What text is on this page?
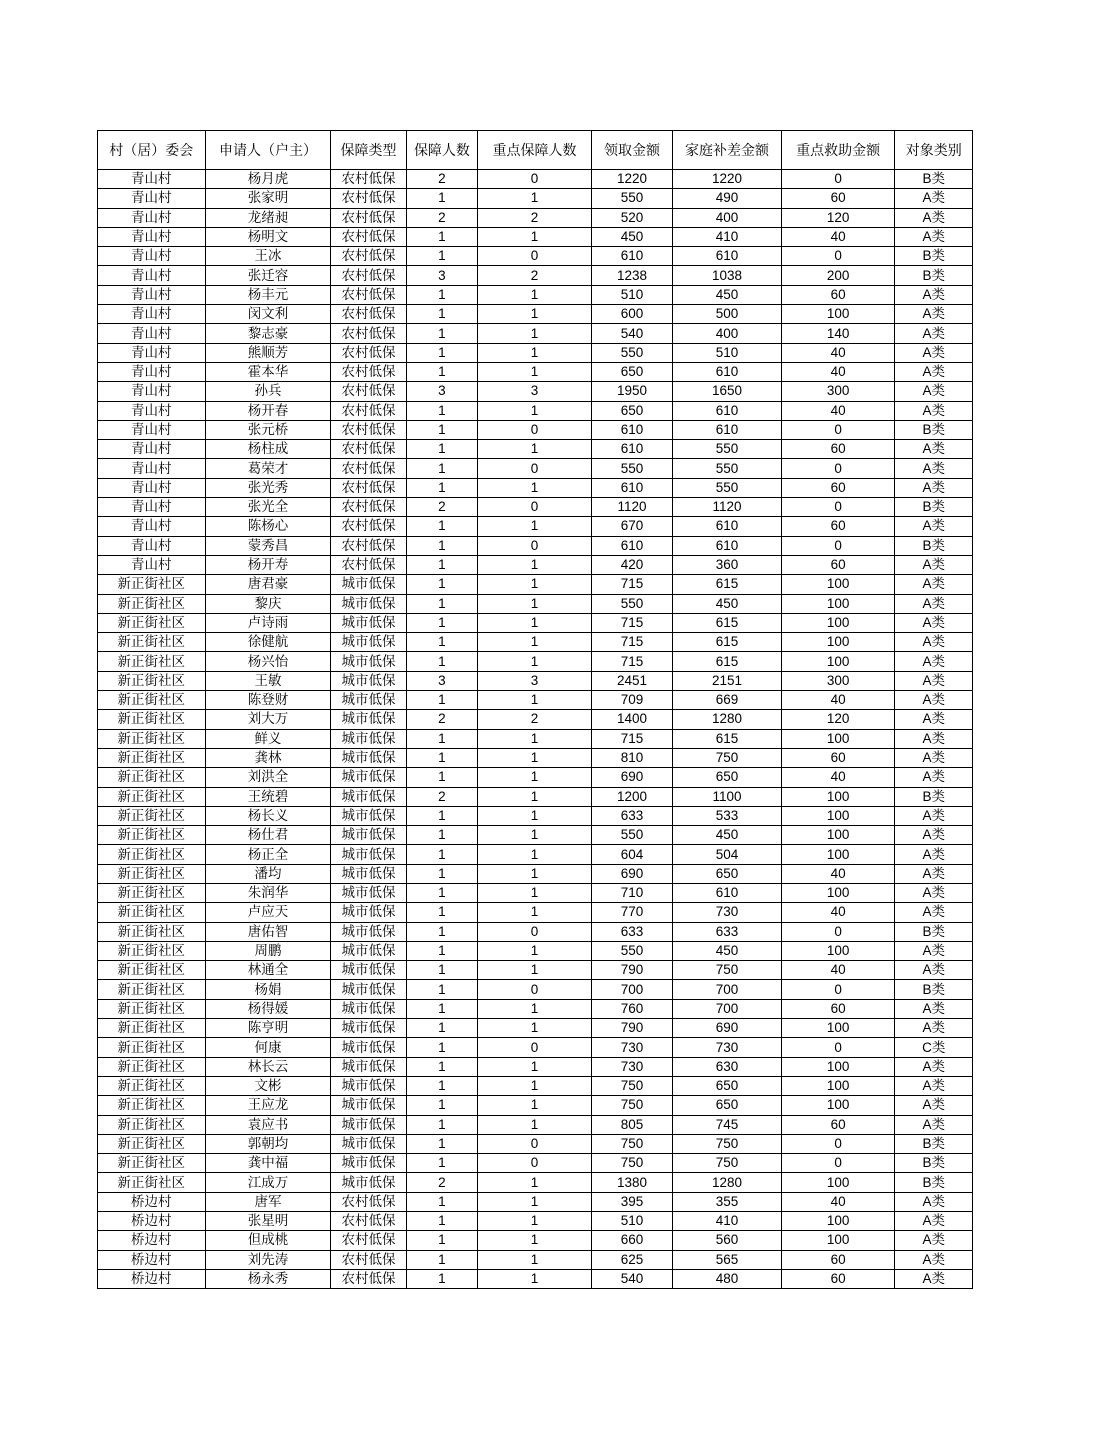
村（居）委会	申请人（户主）	保障类型	保障人数	重点保障人数	领取金额	家庭补差金额	重点救助金额	对象类别
青山村	杨月虎	农村低保	2	0	1220	1220	0	B类
青山村	张家明	农村低保	1	1	550	490	60	A类
青山村	龙绪昶	农村低保	2	2	520	400	120	A类
青山村	杨明文	农村低保	1	1	450	410	40	A类
青山村	王冰	农村低保	1	0	610	610	0	B类
青山村	张迁容	农村低保	3	2	1238	1038	200	B类
青山村	杨丰元	农村低保	1	1	510	450	60	A类
青山村	闵文利	农村低保	1	1	600	500	100	A类
青山村	黎志豪	农村低保	1	1	540	400	140	A类
青山村	熊顺芳	农村低保	1	1	550	510	40	A类
青山村	霍本华	农村低保	1	1	650	610	40	A类
青山村	孙兵	农村低保	3	3	1950	1650	300	A类
青山村	杨开春	农村低保	1	1	650	610	40	A类
青山村	张元桥	农村低保	1	0	610	610	0	B类
青山村	杨柱成	农村低保	1	1	610	550	60	A类
青山村	葛荣才	农村低保	1	0	550	550	0	A类
青山村	张光秀	农村低保	1	1	610	550	60	A类
青山村	张光全	农村低保	2	0	1120	1120	0	B类
青山村	陈杨心	农村低保	1	1	670	610	60	A类
青山村	蒙秀昌	农村低保	1	0	610	610	0	B类
青山村	杨开寿	农村低保	1	1	420	360	60	A类
新正街社区	唐君豪	城市低保	1	1	715	615	100	A类
新正街社区	黎庆	城市低保	1	1	550	450	100	A类
新正街社区	卢诗雨	城市低保	1	1	715	615	100	A类
新正街社区	徐健航	城市低保	1	1	715	615	100	A类
新正街社区	杨兴怡	城市低保	1	1	715	615	100	A类
新正街社区	王敏	城市低保	3	3	2451	2151	300	A类
新正街社区	陈登财	城市低保	1	1	709	669	40	A类
新正街社区	刘大万	城市低保	2	2	1400	1280	120	A类
新正街社区	鲜义	城市低保	1	1	715	615	100	A类
新正街社区	龚林	城市低保	1	1	810	750	60	A类
新正街社区	刘洪全	城市低保	1	1	690	650	40	A类
新正街社区	王统碧	城市低保	2	1	1200	1100	100	B类
新正街社区	杨长义	城市低保	1	1	633	533	100	A类
新正街社区	杨仕君	城市低保	1	1	550	450	100	A类
新正街社区	杨正全	城市低保	1	1	604	504	100	A类
新正街社区	潘均	城市低保	1	1	690	650	40	A类
新正街社区	朱润华	城市低保	1	1	710	610	100	A类
新正街社区	卢应天	城市低保	1	1	770	730	40	A类
新正街社区	唐佑智	城市低保	1	0	633	633	0	B类
新正街社区	周鹏	城市低保	1	1	550	450	100	A类
新正街社区	林通全	城市低保	1	1	790	750	40	A类
新正街社区	杨娟	城市低保	1	0	700	700	0	B类
新正街社区	杨得媛	城市低保	1	1	760	700	60	A类
新正街社区	陈亨明	城市低保	1	1	790	690	100	A类
新正街社区	何康	城市低保	1	0	730	730	0	C类
新正街社区	林长云	城市低保	1	1	730	630	100	A类
新正街社区	文彬	城市低保	1	1	750	650	100	A类
新正街社区	王应龙	城市低保	1	1	750	650	100	A类
新正街社区	袁应书	城市低保	1	1	805	745	60	A类
新正街社区	郭朝均	城市低保	1	0	750	750	0	B类
新正街社区	龚中福	城市低保	1	0	750	750	0	B类
新正街社区	江成万	城市低保	2	1	1380	1280	100	B类
桥边村	唐军	农村低保	1	1	395	355	40	A类
桥边村	张星明	农村低保	1	1	510	410	100	A类
桥边村	但成桃	农村低保	1	1	660	560	100	A类
桥边村	刘先涛	农村低保	1	1	625	565	60	A类
桥边村	杨永秀	农村低保	1	1	540	480	60	A类
